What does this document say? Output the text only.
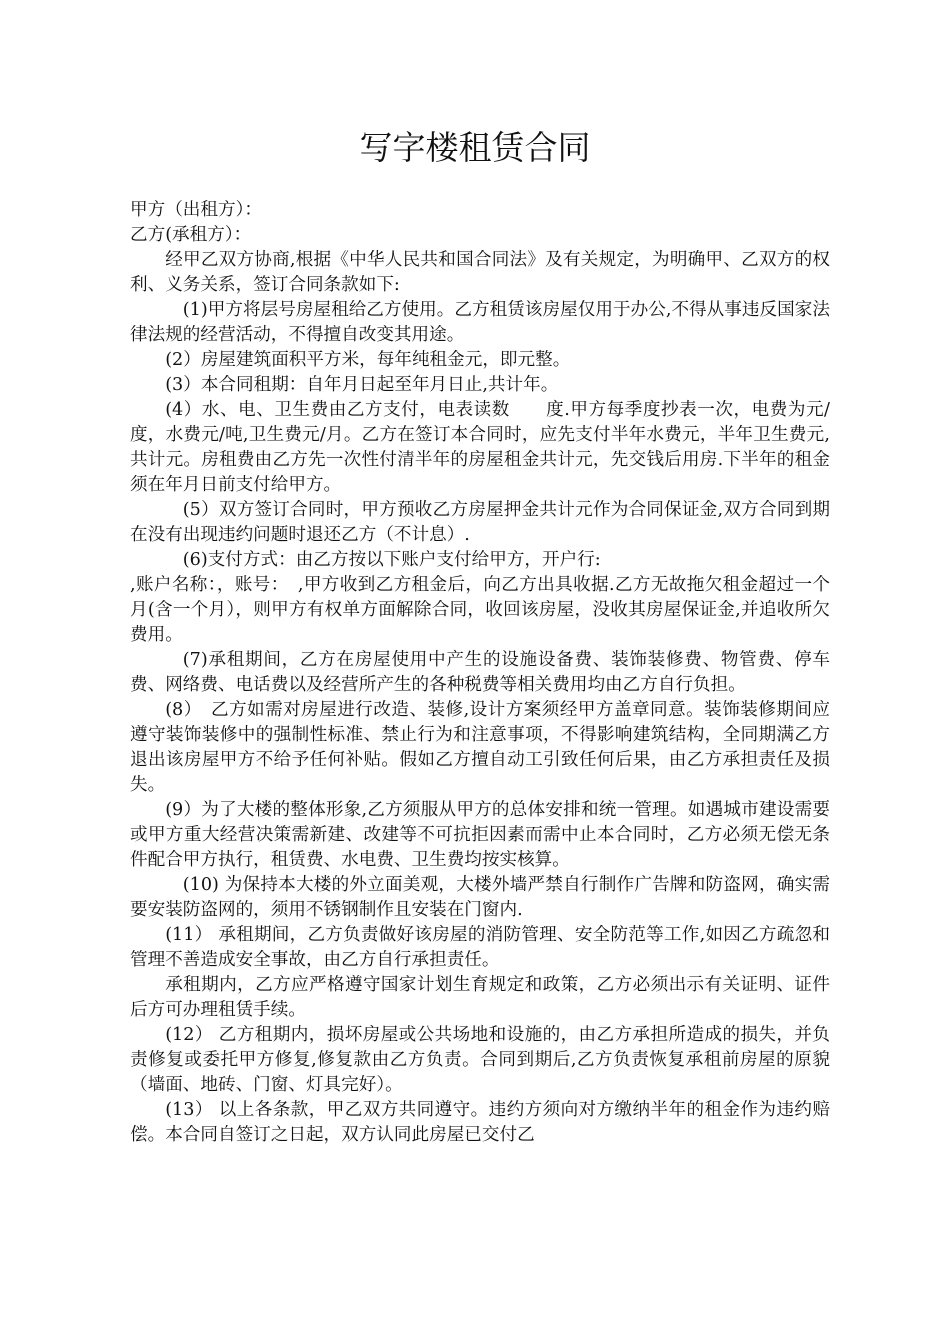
写字楼租赁合同

甲方（出租方）：

乙方(承租方）：

经甲乙双方协商,根据《中华人民共和国合同法》及有关规定，为明确甲、乙双方的权利、义务关系，签订合同条款如下:

(1)甲方将层号房屋租给乙方使用。乙方租赁该房屋仅用于办公,不得从事违反国家法律法规的经营活动，不得擅自改变其用途。

(2）房屋建筑面积平方米，每年纯租金元，即元整。

(3）本合同租期：自年月日起至年月日止,共计年。

(4）水、电、卫生费由乙方支付，电表读数　　度.甲方每季度抄表一次，电费为元/度，水费元/吨,卫生费元/月。乙方在签订本合同时，应先支付半年水费元，半年卫生费元,共计元。房租费由乙方先一次性付清半年的房屋租金共计元，先交钱后用房.下半年的租金须在年月日前支付给甲方。

(5）双方签订合同时，甲方预收乙方房屋押金共计元作为合同保证金,双方合同到期在没有出现违约问题时退还乙方（不计息）.

(6)支付方式：由乙方按以下账户支付给甲方，开户行:

,账户名称：，账号：　,甲方收到乙方租金后，向乙方出具收据.乙方无故拖欠租金超过一个月(含一个月），则甲方有权单方面解除合同，收回该房屋，没收其房屋保证金,并追收所欠费用。

(7)承租期间，乙方在房屋使用中产生的设施设备费、装饰装修费、物管费、停车费、网络费、电话费以及经营所产生的各种税费等相关费用均由乙方自行负担。

(8）　乙方如需对房屋进行改造、装修,设计方案须经甲方盖章同意。装饰装修期间应遵守装饰装修中的强制性标准、禁止行为和注意事项，不得影响建筑结构，全同期满乙方退出该房屋甲方不给予任何补贴。假如乙方擅自动工引致任何后果，由乙方承担责任及损失。

(9）为了大楼的整体形象,乙方须服从甲方的总体安排和统一管理。如遇城市建设需要或甲方重大经营决策需新建、改建等不可抗拒因素而需中止本合同时，乙方必须无偿无条件配合甲方执行，租赁费、水电费、卫生费均按实核算。

(10) 为保持本大楼的外立面美观，大楼外墙严禁自行制作广告牌和防盗网，确实需要安装防盗网的，须用不锈钢制作且安装在门窗内.

(11） 承租期间，乙方负责做好该房屋的消防管理、安全防范等工作,如因乙方疏忽和管理不善造成安全事故，由乙方自行承担责任。

承租期内，乙方应严格遵守国家计划生育规定和政策，乙方必须出示有关证明、证件后方可办理租赁手续。

(12） 乙方租期内，损坏房屋或公共场地和设施的，由乙方承担所造成的损失，并负责修复或委托甲方修复,修复款由乙方负责。合同到期后,乙方负责恢复承租前房屋的原貌（墙面、地砖、门窗、灯具完好）。

(13） 以上各条款，甲乙双方共同遵守。违约方须向对方缴纳半年的租金作为违约赔偿。本合同自签订之日起，双方认同此房屋已交付乙
